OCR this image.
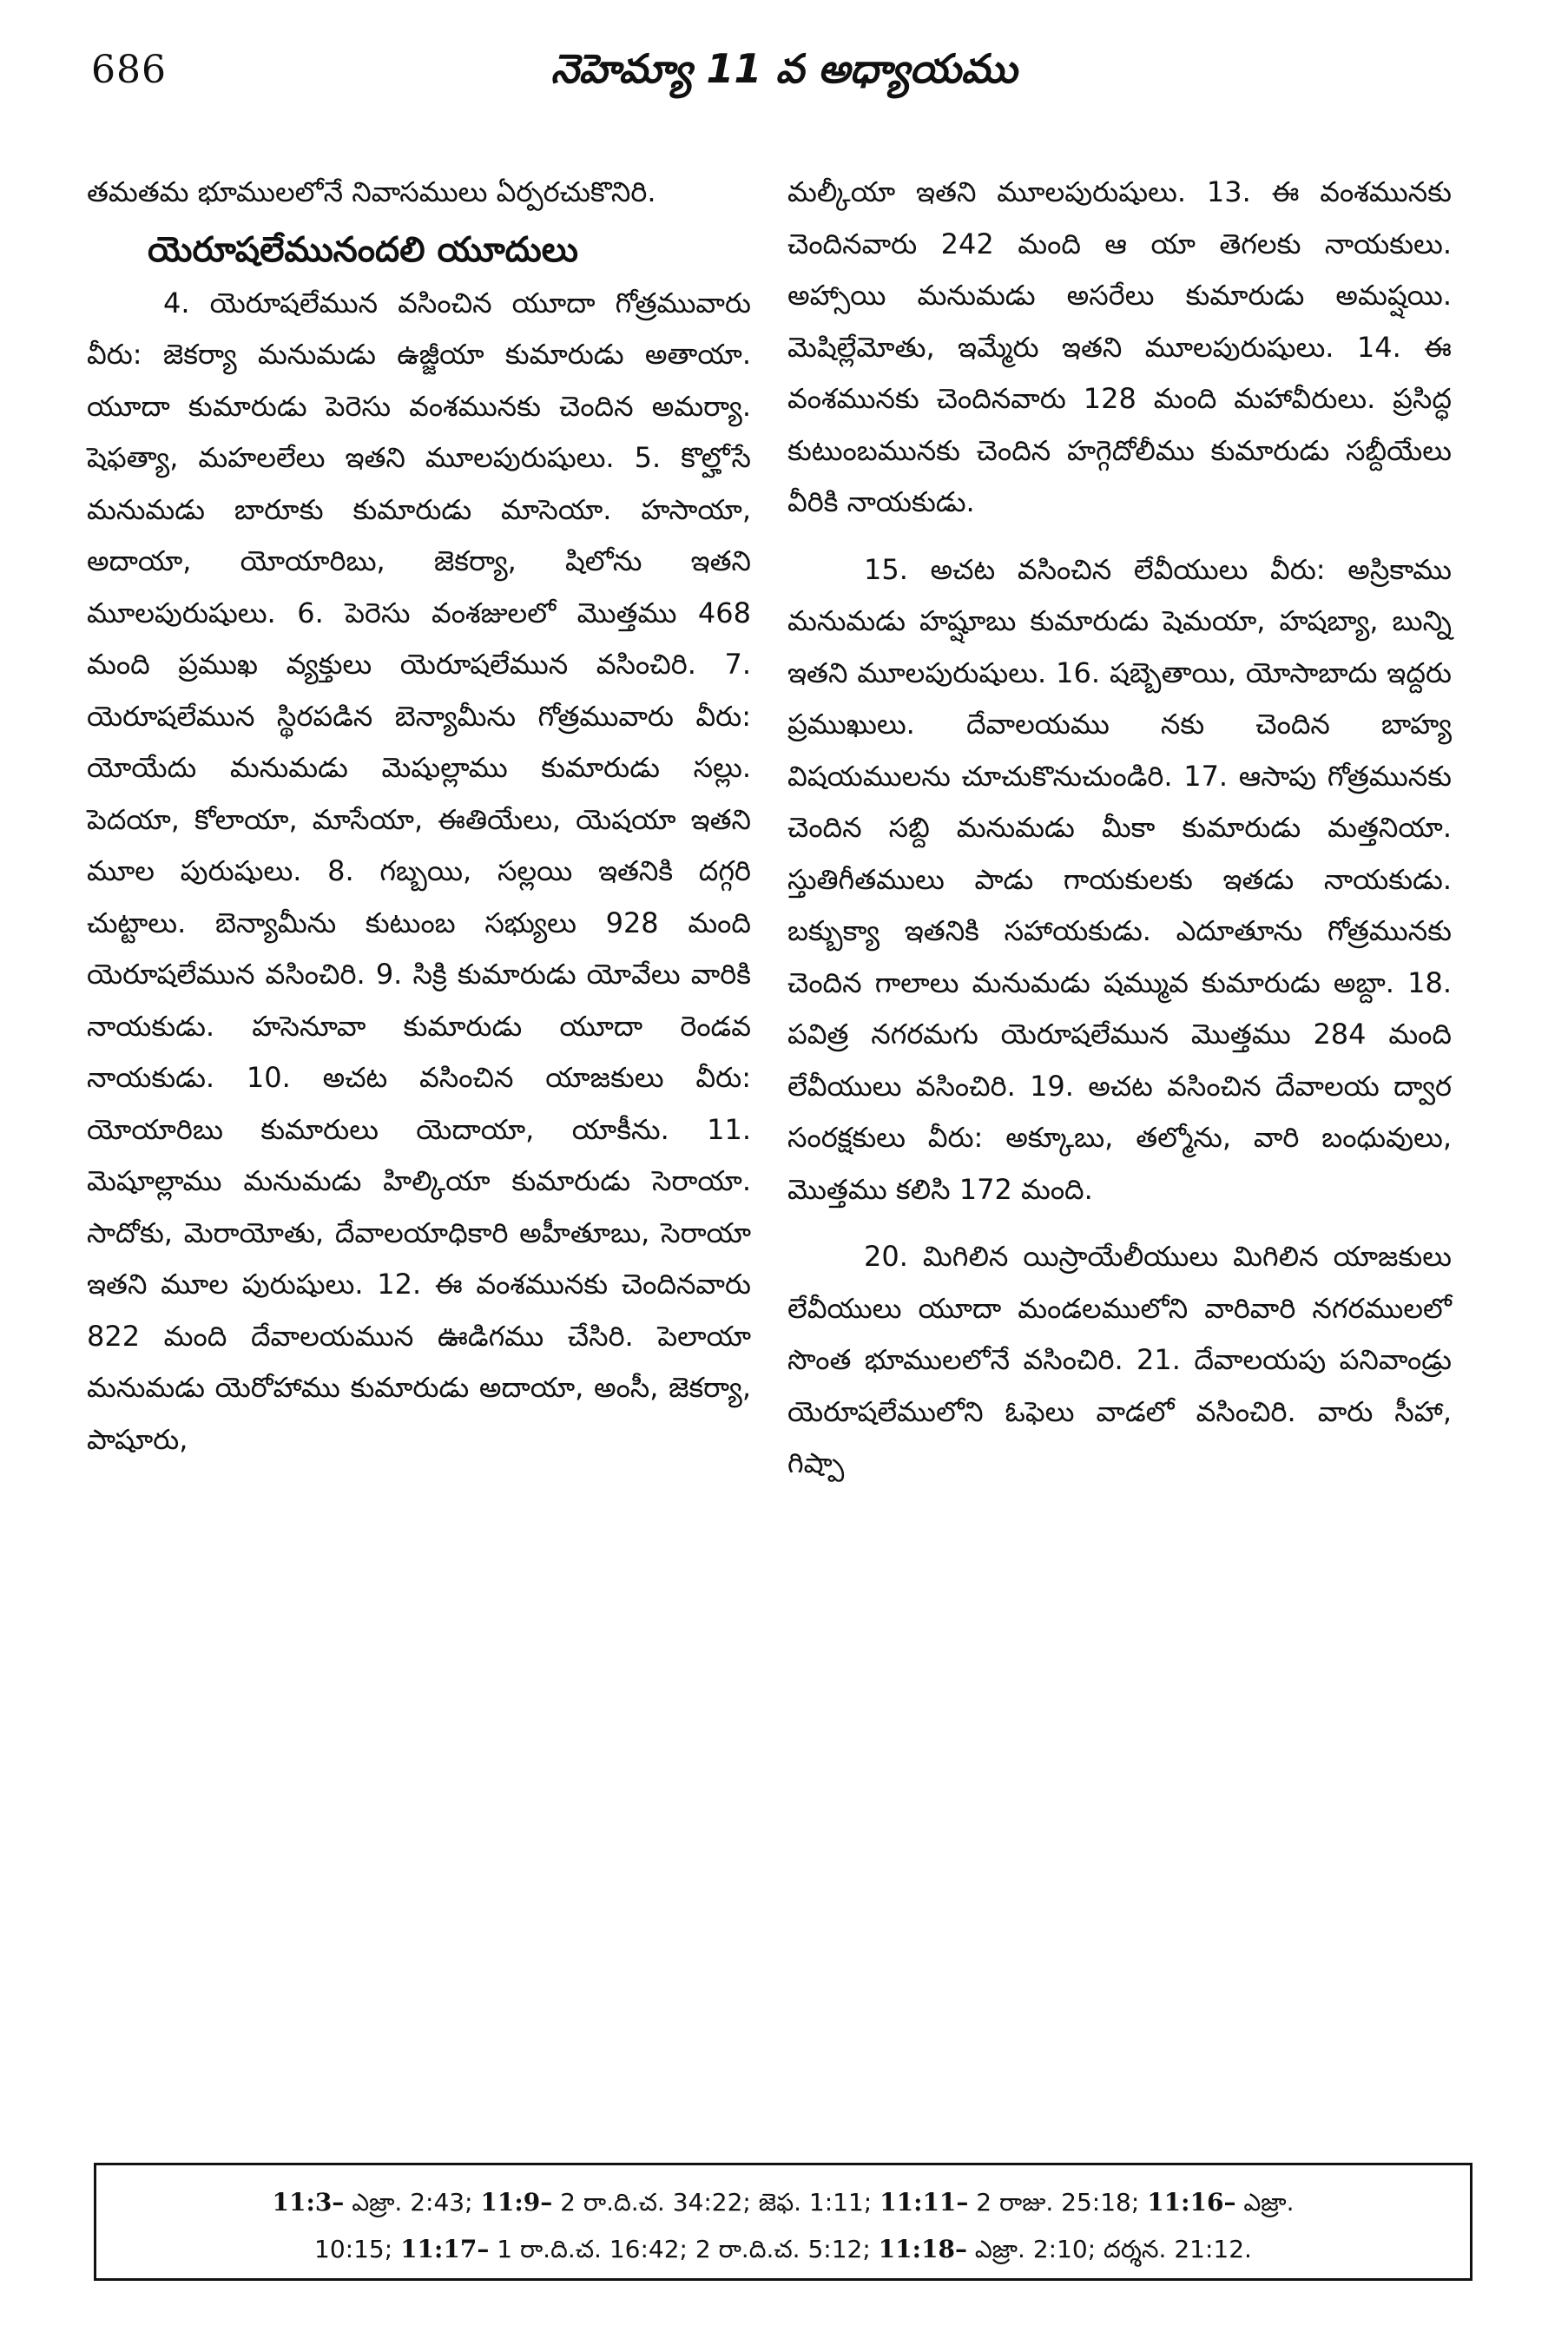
686	నెహెమ్యా 11 వ అధ్యాయము

తమతమ భూములలోనే నివాసములు ఏర్పరచుకొనిరి.

యెరూషలేమునందలి యూదులు

4. యెరూషలేమున వసించిన యూదా గోత్రమువారు వీరు: జెకర్యా మనుమడు ఉజ్జీయా కుమారుడు అతాయా. యూదా కుమారుడు పెరెసు వంశమునకు చెందిన అమర్యా. షెఫత్యా, మహలలేలు ఇతని మూలపురుషులు. 5. కొల్హోసే మనుమడు బారూకు కుమారుడు మాసెయా. హసాయా, అదాయా, యోయారిబు, జెకర్యా, షిలోను ఇతని మూలపురుషులు. 6. పెరెసు వంశజులలో మొత్తము 468 మంది ప్రముఖ వ్యక్తులు యెరూషలేమున వసించిరి. 7. యెరూషలేమున స్థిరపడిన బెన్యామీను గోత్రమువారు వీరు: యోయేదు మనుమడు మెషుల్లాము కుమారుడు సల్లు. పెదయా, కోలాయా, మాసేయా, ఈతియేలు, యెషయా ఇతని మూల పురుషులు. 8. గబ్బయి, సల్లయి ఇతనికి దగ్గరి చుట్టాలు. బెన్యామీను కుటుంబ సభ్యులు 928 మంది యెరూషలేమున వసించిరి. 9. సిక్రి కుమారుడు యోవేలు వారికి నాయకుడు. హసెనూవా కుమారుడు యూదా రెండవ నాయకుడు. 10. అచట వసించిన యాజకులు వీరు: యోయారిబు కుమారులు యెదాయా, యాకీను. 11. మెషూల్లాము మనుమడు హిల్కియా కుమారుడు సెరాయా. సాదోకు, మెరాయోతు, దేవాలయాధికారి అహీతూబు, సెరాయా ఇతని మూల పురుషులు. 12. ఈ వంశమునకు చెందినవారు 822 మంది దేవాలయమున ఊడిగము చేసిరి. పెలాయా మనుమడు యెరోహాము కుమారుడు అదాయా, అంసీ, జెకర్యా, పాషూరు,

మల్కీయా ఇతని మూలపురుషులు. 13. ఈ వంశమునకు చెందినవారు 242 మంది ఆ యా తెగలకు నాయకులు. అహ్సాయి మనుమడు అసరేలు కుమారుడు అమష్షయి. మెషిల్లేమోతు, ఇమ్మేరు ఇతని మూలపురుషులు. 14. ఈ వంశమునకు చెందినవారు 128 మంది మహావీరులు. ప్రసిద్ధ కుటుంబమునకు చెందిన హగ్గెదోలీము కుమారుడు సబ్దీయేలు వీరికి నాయకుడు.

15. అచట వసించిన లేవీయులు వీరు: అస్రికాము మనుమడు హష్షూబు కుమారుడు షెమయా, హషబ్యా, బున్ని ఇతని మూలపురుషులు. 16. షబ్బెతాయి, యోసాబాదు ఇద్దరు ప్రముఖులు. దేవాలయము నకు చెందిన బాహ్య విషయములను చూచుకొనుచుండిరి. 17. ఆసాపు గోత్రమునకు చెందిన సబ్ది మనుమడు మీకా కుమారుడు మత్తనియా. స్తుతిగీతములు పాడు గాయకులకు ఇతడు నాయకుడు. బక్బుక్యా ఇతనికి సహాయకుడు. ఎదూతూను గోత్రమునకు చెందిన గాలాలు మనుమడు షమ్మువ కుమారుడు అబ్దా. 18. పవిత్ర నగరమగు యెరూషలేమున మొత్తము 284 మంది లేవీయులు వసించిరి. 19. అచట వసించిన దేవాలయ ద్వార సంరక్షకులు వీరు: అక్కూబు, తల్మోను, వారి బంధువులు, మొత్తము కలిసి 172 మంది.

20. మిగిలిన యిస్రాయేలీయులు మిగిలిన యాజకులు లేవీయులు యూదా మండలములోని వారివారి నగరములలో సొంత భూములలోనే వసించిరి. 21. దేవాలయపు పనివాండ్రు యెరూషలేములోని ఓఫెలు వాడలో వసించిరి. వారు సీహా, గిష్పా

11:3– ఎజ్రా. 2:43; 11:9– 2 రా.ది.చ. 34:22; జెఫ. 1:11; 11:11– 2 రాజు. 25:18; 11:16– ఎజ్రా.
10:15; 11:17– 1 రా.ది.చ. 16:42; 2 రా.ది.చ. 5:12; 11:18– ఎజ్రా. 2:10; దర్శన. 21:12.
